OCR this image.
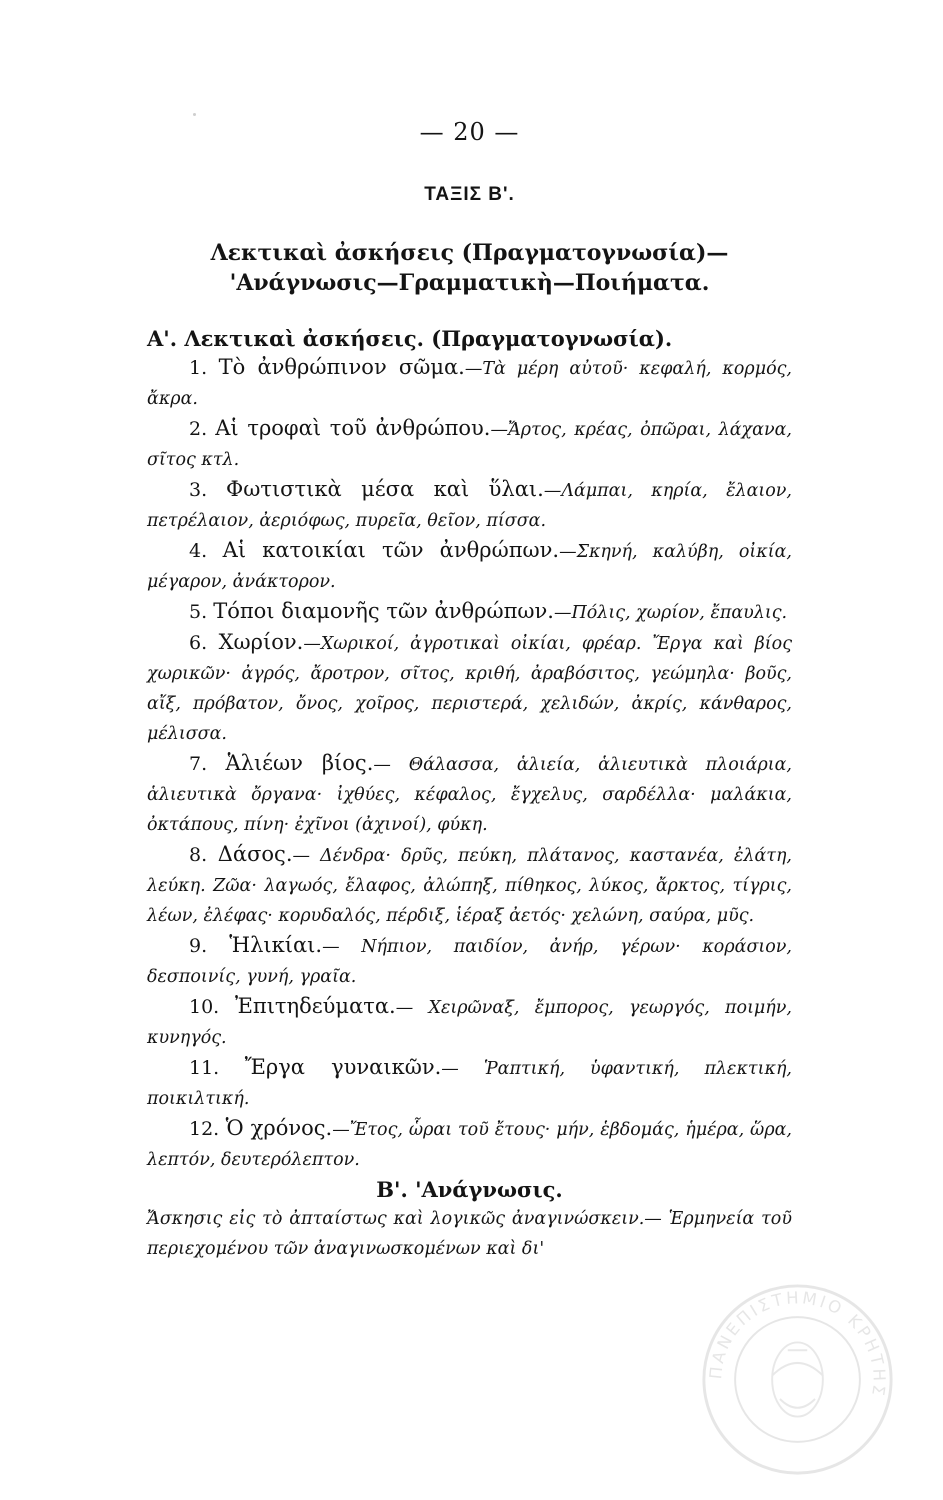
— 20 —
ΤΑΞΙΣ Β'.
Λεκτικαὶ ἀσκήσεις (Πραγματογνωσία)—
'Ανάγνωσις—Γραμματικὴ—Ποιήματα.
Α'. Λεκτικαὶ ἀσκήσεις. (Πραγματογνωσία).

1. Τὸ ἀνθρώπινον σῶμα.—Τὰ μέρη αὐτοῦ· κεφαλή, κορμός, ἄκρα.

2. Αἱ τροφαὶ τοῦ ἀνθρώπου.—Ἄρτος, κρέας, ὀπῶραι, λάχανα, σῖτος κτλ.

3. Φωτιστικὰ μέσα καὶ ὕλαι.—Λάμπαι, κηρία, ἔλαιον, πετρέλαιον, ἀεριόφως, πυρεῖα, θεῖον, πίσσα.

4. Αἱ κατοικίαι τῶν ἀνθρώπων.—Σκηνή, καλύβη, οἰκία, μέγαρον, ἀνάκτορον.

5. Τόποι διαμονῆς τῶν ἀνθρώπων.—Πόλις, χωρίον, ἔπαυλις.

6. Χωρίον.—Χωρικοί, ἀγροτικαὶ οἰκίαι, φρέαρ. Ἔργα καὶ βίος χωρικῶν· ἀγρός, ἄροτρον, σῖτος, κριθή, ἀραβόσιτος, γεώμηλα· βοῦς, αἴξ, πρόβατον, ὄνος, χοῖρος, περιστερά, χελιδών, ἀκρίς, κάνθαρος, μέλισσα.

7. Ἁλιέων βίος.— Θάλασσα, ἁλιεία, ἁλιευτικὰ πλοιάρια, ἁλιευτικὰ ὄργανα· ἰχθύες, κέφαλος, ἔγχελυς, σαρδέλλα· μαλάκια, ὀκτάπους, πίνη· ἐχῖνοι (ἀχινοί), φύκη.

8. Δάσος.— Δένδρα· δρῦς, πεύκη, πλάτανος, καστανέα, ἐλάτη, λεύκη. Ζῶα· λαγωός, ἔλαφος, ἀλώπηξ, πίθηκος, λύκος, ἄρκτος, τίγρις, λέων, ἐλέφας· κορυδαλός, πέρδιξ, ἱέραξ ἀετός· χελώνη, σαύρα, μῦς.

9. Ἡλικίαι.— Νήπιον, παιδίον, ἀνήρ, γέρων· κοράσιον, δεσποινίς, γυνή, γραῖα.

10. Ἐπιτηδεύματα.— Χειρῶναξ, ἔμπορος, γεωργός, ποιμήν, κυνηγός.

11. Ἔργα γυναικῶν.— Ῥαπτική, ὑφαντική, πλεκτική, ποικιλτική.

12. Ὁ χρόνος.—Ἔτος, ὧραι τοῦ ἔτους· μήν, ἑβδομάς, ἡμέρα, ὥρα, λεπτόν, δευτερόλεπτον.

Β'. 'Ανάγνωσις.

Ἄσκησις εἰς τὸ ἀπταίστως καὶ λογικῶς ἀναγινώσκειν.— Ἑρμηνεία τοῦ περιεχομένου τῶν ἀναγινωσκομένων καὶ δι'

ΠΑΝΕΠΙΣΤΗΜΙΟ ΚΡΗΤΗΣ
